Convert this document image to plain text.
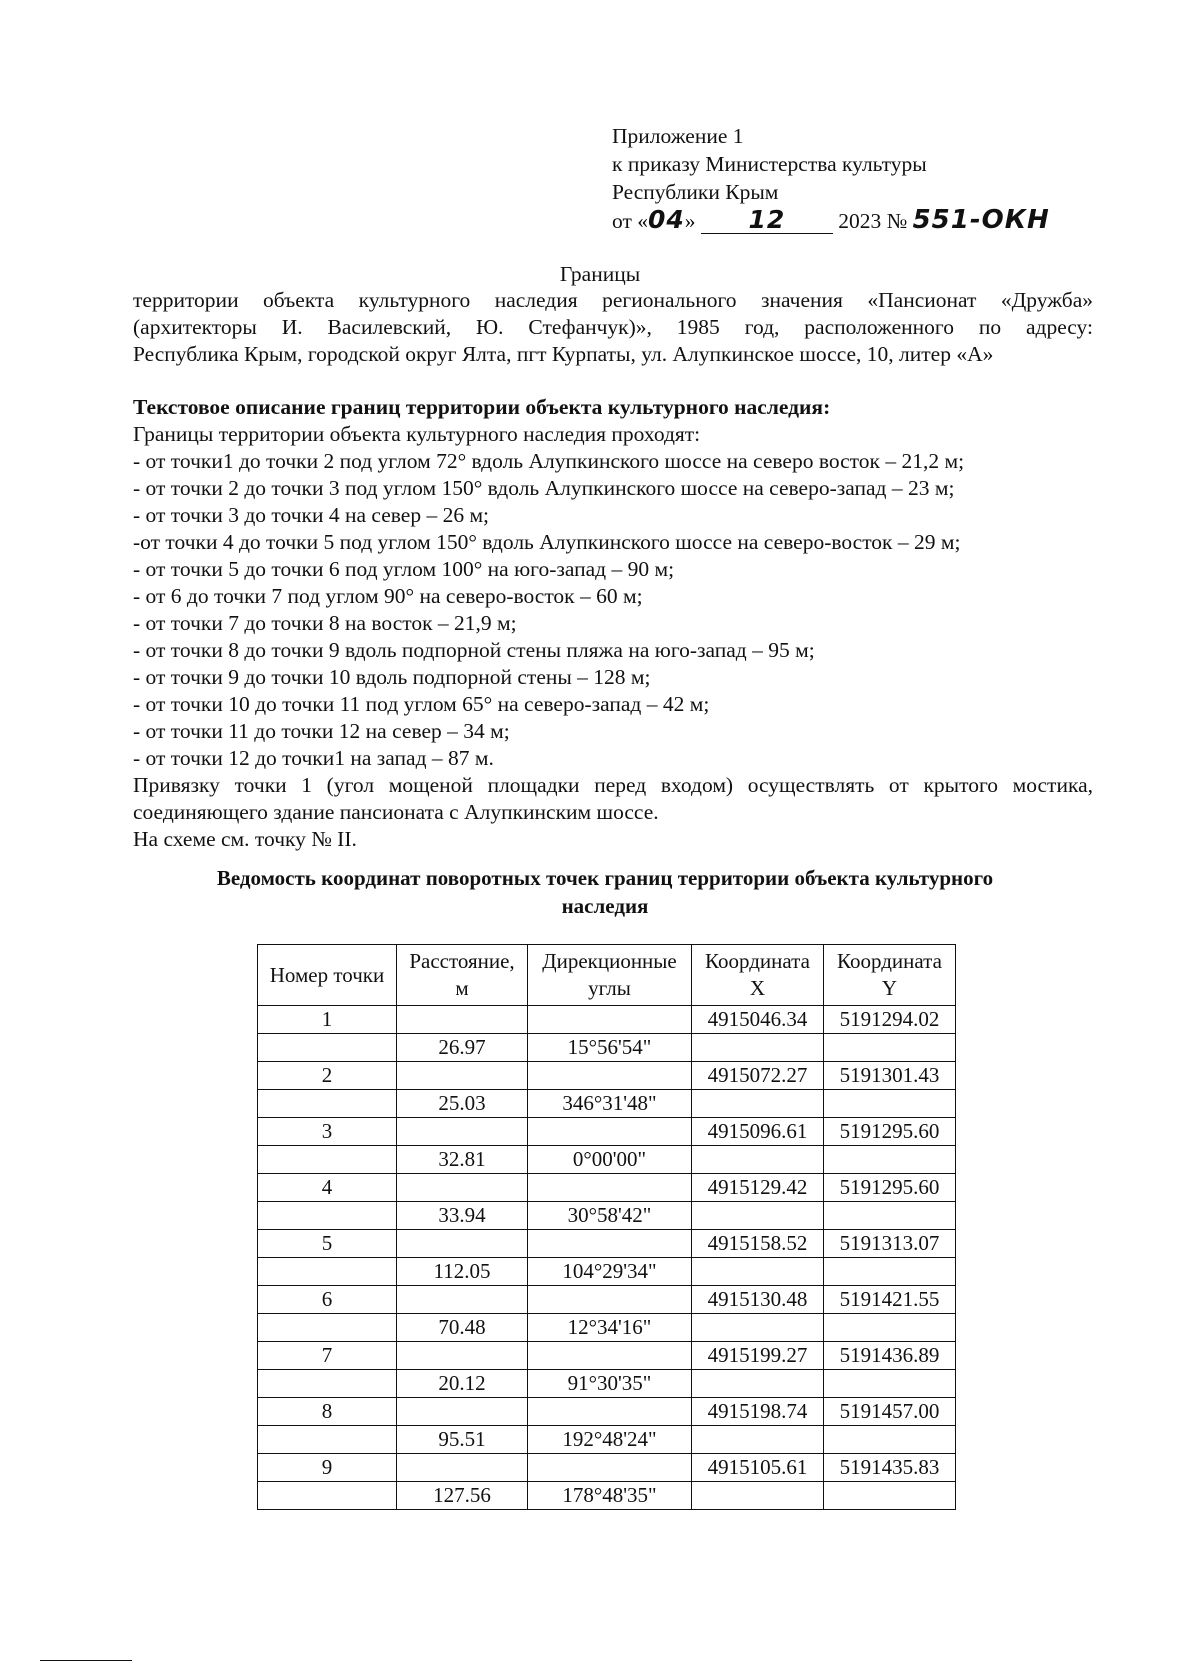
Приложение 1
к приказу Министерства культуры
Республики Крым
от «04» 12 2023 № 551-ОКН
Границы
территории объекта культурного наследия регионального значения «Пансионат «Дружба»
(архитекторы И. Василевский, Ю. Стефанчук)», 1985 год, расположенного по адресу:
Республика Крым, городской округ Ялта, пгт Курпаты, ул. Алупкинское шоссе, 10, литер «А»
Текстовое описание границ территории объекта культурного наследия:
Границы территории объекта культурного наследия проходят:
- от точки1 до точки 2 под углом 72° вдоль Алупкинского шоссе на северо восток – 21,2 м;
- от точки 2 до точки 3 под углом 150° вдоль Алупкинского шоссе на северо-запад – 23 м;
- от точки 3 до точки 4 на север – 26 м;
-от точки 4 до точки 5 под углом 150° вдоль Алупкинского шоссе на северо-восток – 29 м;
- от точки 5 до точки 6 под углом 100° на юго-запад – 90 м;
- от 6 до точки 7 под углом 90° на северо-восток – 60 м;
- от точки 7 до точки 8 на восток – 21,9 м;
- от точки 8 до точки 9 вдоль подпорной стены пляжа на юго-запад – 95 м;
- от точки 9 до точки 10 вдоль подпорной стены – 128 м;
- от точки 10 до точки 11 под углом 65° на северо-запад – 42 м;
- от точки 11 до точки 12 на север – 34 м;
- от точки 12 до точки1 на запад – 87 м.
Привязку точки 1 (угол мощеной площадки перед входом) осуществлять от крытого мостика,
соединяющего здание пансионата с Алупкинским шоссе.
На схеме см. точку № II.
Ведомость координат поворотных точек границ территории объекта культурного
наследия
Номер точки	Расстояние, м	Дирекционные углы	Координата X	Координата Y
1			4915046.34	5191294.02
	26.97	15°56'54"		
2			4915072.27	5191301.43
	25.03	346°31'48"		
3			4915096.61	5191295.60
	32.81	0°00'00"		
4			4915129.42	5191295.60
	33.94	30°58'42"		
5			4915158.52	5191313.07
	112.05	104°29'34"		
6			4915130.48	5191421.55
	70.48	12°34'16"		
7			4915199.27	5191436.89
	20.12	91°30'35"		
8			4915198.74	5191457.00
	95.51	192°48'24"		
9			4915105.61	5191435.83
	127.56	178°48'35"		
